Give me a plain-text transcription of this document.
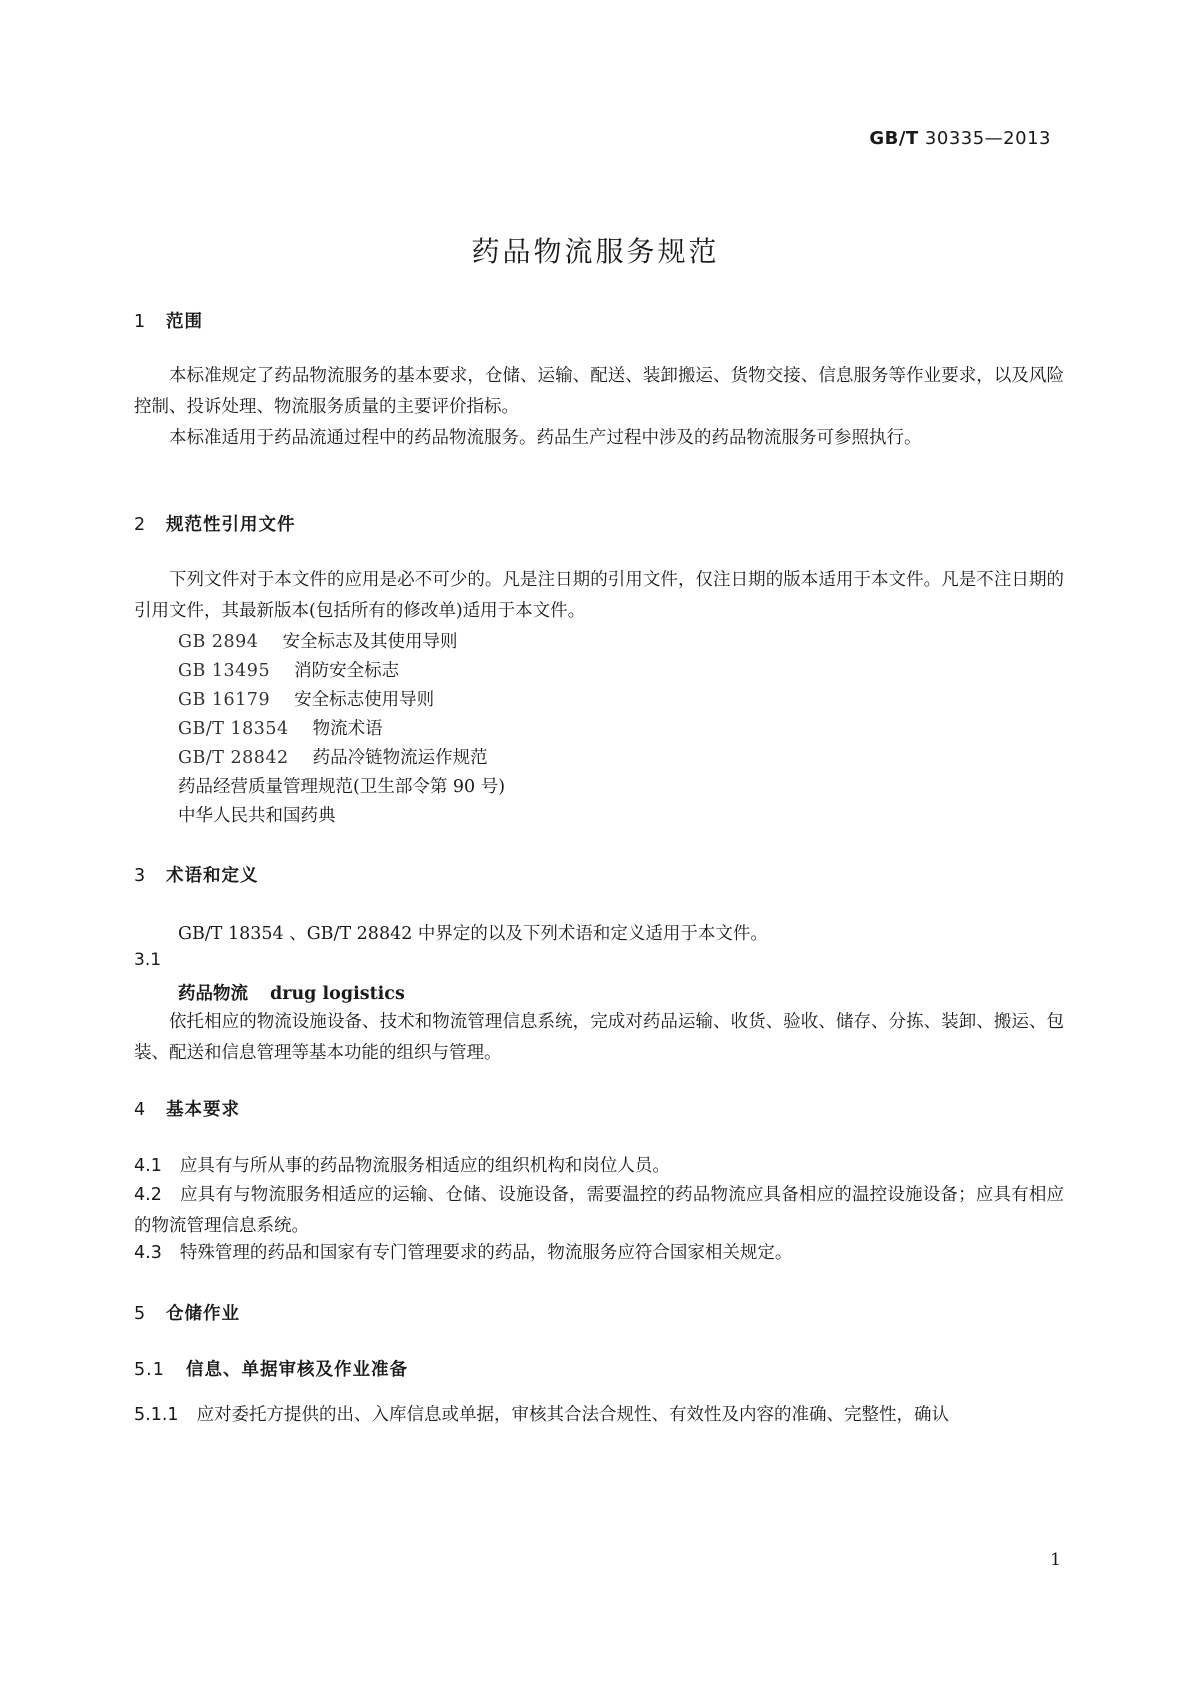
GB/T 30335—2013
药品物流服务规范
1 范围
本标准规定了药品物流服务的基本要求，仓储、运输、配送、装卸搬运、货物交接、信息服务等作业要求，以及风险控制、投诉处理、物流服务质量的主要评价指标。
本标准适用于药品流通过程中的药品物流服务。药品生产过程中涉及的药品物流服务可参照执行。
2 规范性引用文件
下列文件对于本文件的应用是必不可少的。凡是注日期的引用文件，仅注日期的版本适用于本文件。凡是不注日期的引用文件，其最新版本(包括所有的修改单)适用于本文件。
GB 2894 安全标志及其使用导则
GB 13495 消防安全标志
GB 16179 安全标志使用导则
GB/T 18354 物流术语
GB/T 28842 药品冷链物流运作规范
药品经营质量管理规范(卫生部令第 90 号)
中华人民共和国药典
3 术语和定义
GB/T 18354 、GB/T 28842 中界定的以及下列术语和定义适用于本文件。
3.1
药品物流 drug logistics
依托相应的物流设施设备、技术和物流管理信息系统，完成对药品运输、收货、验收、储存、分拣、装卸、搬运、包装、配送和信息管理等基本功能的组织与管理。
4 基本要求
4.1 应具有与所从事的药品物流服务相适应的组织机构和岗位人员。
4.2 应具有与物流服务相适应的运输、仓储、设施设备，需要温控的药品物流应具备相应的温控设施设备；应具有相应的物流管理信息系统。
4.3 特殊管理的药品和国家有专门管理要求的药品，物流服务应符合国家相关规定。
5 仓储作业
5.1 信息、单据审核及作业准备
5.1.1 应对委托方提供的出、入库信息或单据，审核其合法合规性、有效性及内容的准确、完整性，确认
1
